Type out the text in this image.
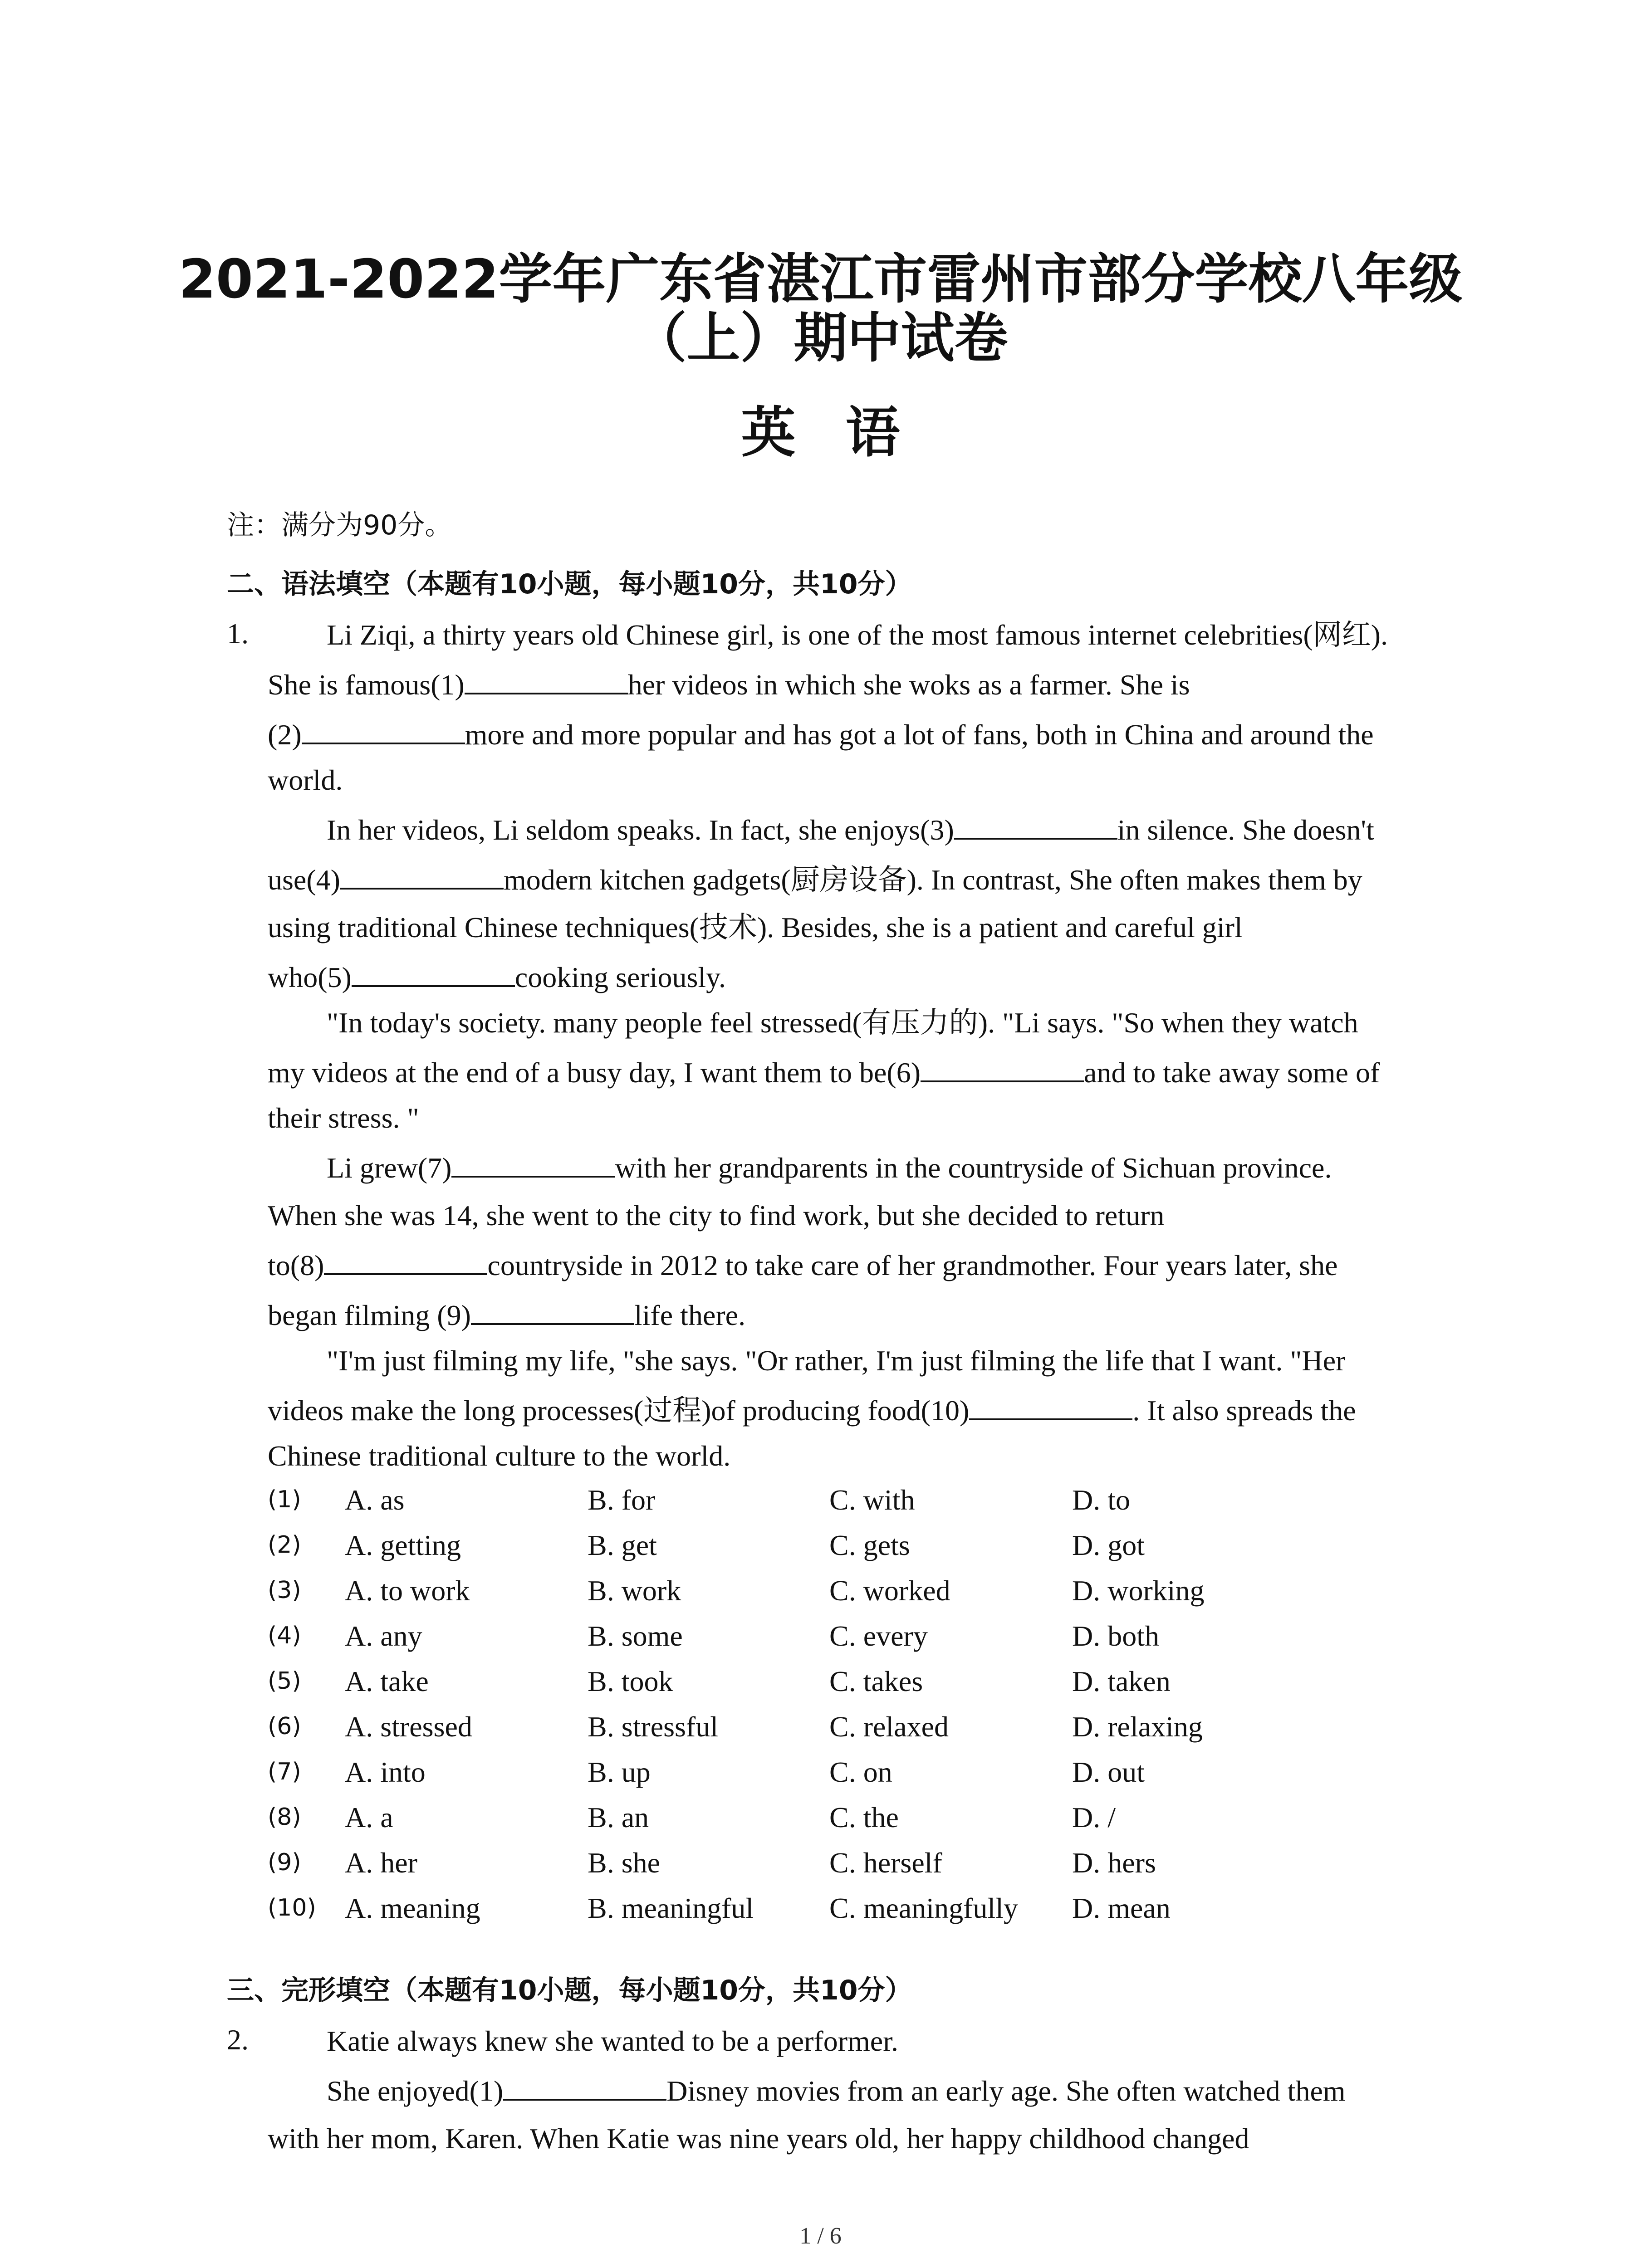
2021-2022学年广东省湛江市雷州市部分学校八年级
（上）期中试卷
英语
注：满分为90分。
二、语法填空（本题有10小题，每小题10分，共10分）
1.	Li Ziqi, a thirty years old Chinese girl, is one of the most famous internet celebrities(网红).
She is famous(1)	her videos in which she woks as a farmer. She is
(2)	more and more popular and has got a lot of fans, both in China and around the
world.
In her videos, Li seldom speaks. In fact, she enjoys(3)	in silence. She doesn't
use(4)	modern kitchen gadgets(厨房设备). In contrast, She often makes them by
using traditional Chinese techniques(技术). Besides, she is a patient and careful girl
who(5)	cooking seriously.
"In today's society. many people feel stressed(有压力的). "Li says. "So when they watch
my videos at the end of a busy day, I want them to be(6)	and to take away some of
their stress. "
Li grew(7)	with her grandparents in the countryside of Sichuan province.
When she was 14, she went to the city to find work, but she decided to return
to(8)	countryside in 2012 to take care of her grandmother. Four years later, she
began filming (9)	life there.
"I'm just filming my life, "she says. "Or rather, I'm just filming the life that I want. "Her
videos make the long processes(过程)of producing food(10)	. It also spreads the
Chinese traditional culture to the world.
(1) A. as	B. for	C. with	D. to
(2) A. getting	B. get	C. gets	D. got
(3) A. to work	B. work	C. worked	D. working
(4) A. any	B. some	C. every	D. both
(5) A. take	B. took	C. takes	D. taken
(6) A. stressed	B. stressful	C. relaxed	D. relaxing
(7) A. into	B. up	C. on	D. out
(8) A. a	B. an	C. the	D. /
(9) A. her	B. she	C. herself	D. hers
(10) A. meaning	B. meaningful	C. meaningfully D. mean
三、完形填空（本题有10小题，每小题10分，共10分）
2.	Katie always knew she wanted to be a performer.
She enjoyed(1)	Disney movies from an early age. She often watched them
with her mom, Karen. When Katie was nine years old, her happy childhood changed
1 / 6
